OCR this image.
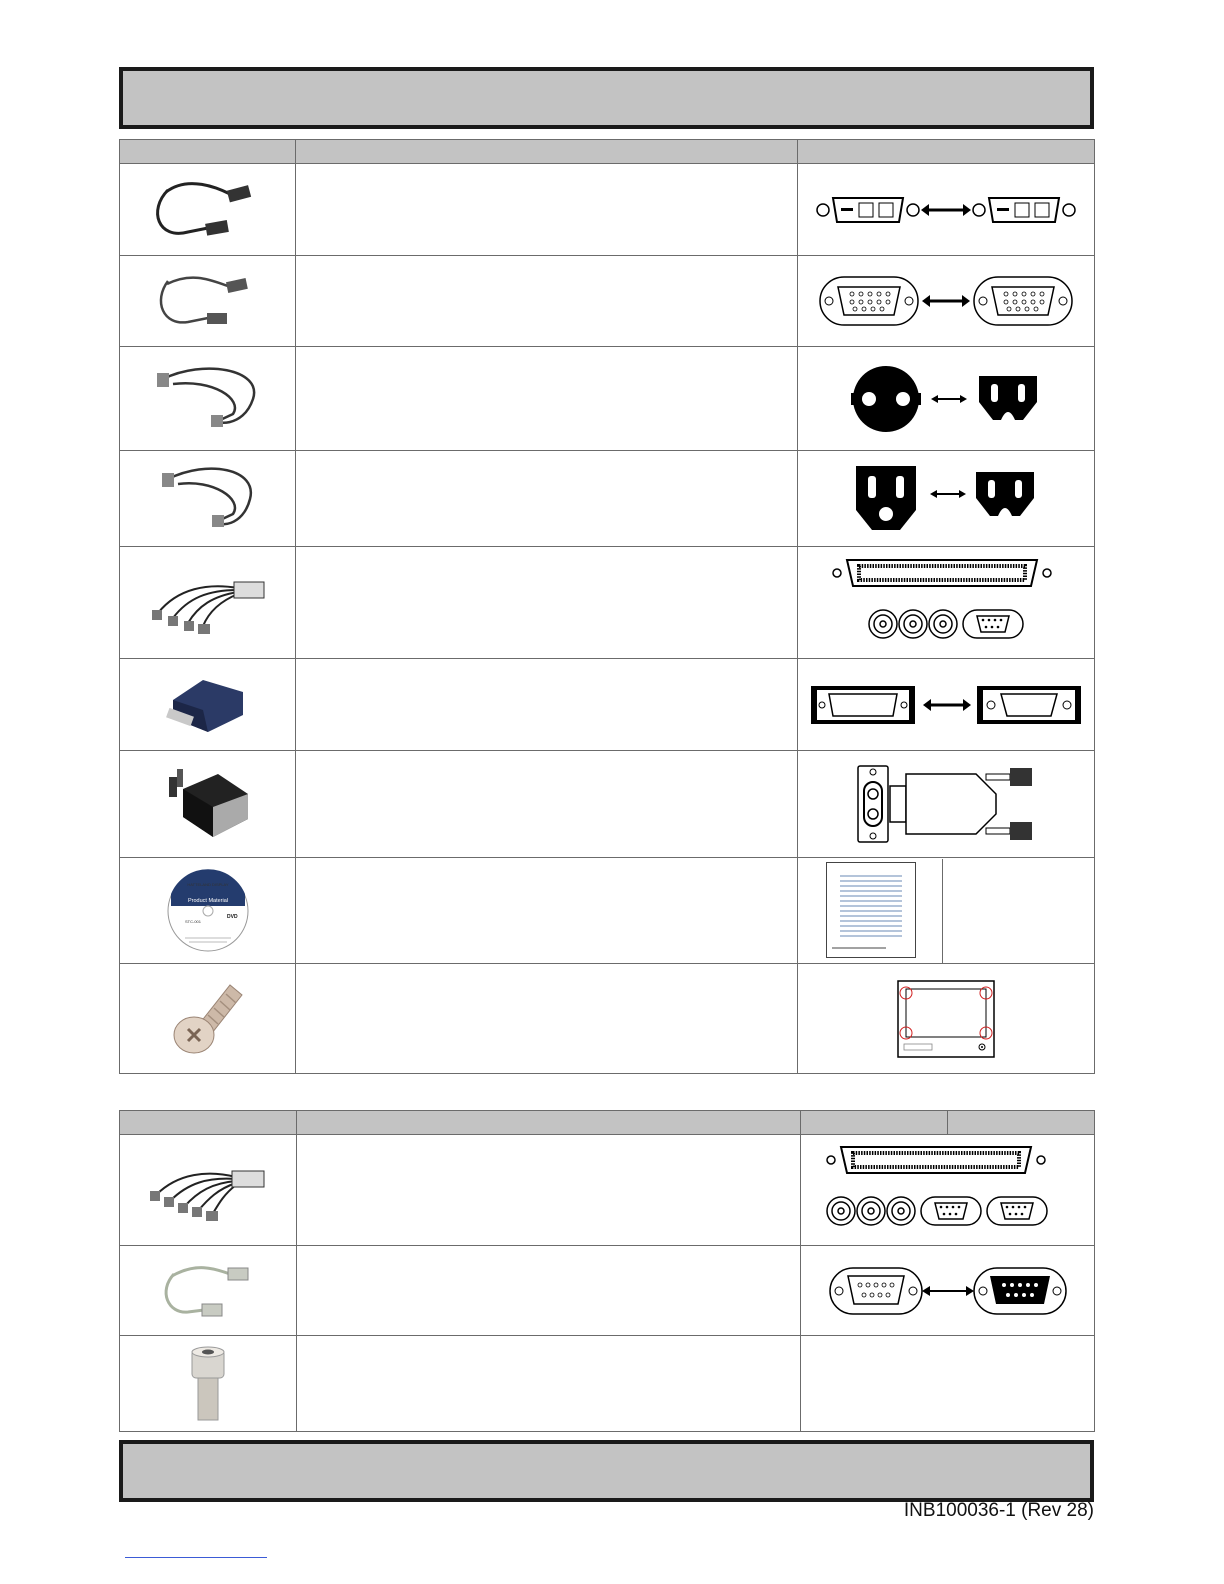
HATTELAND DISPLAY
Product Material
STC-001
DVD

INB100036-1 (Rev 28)
